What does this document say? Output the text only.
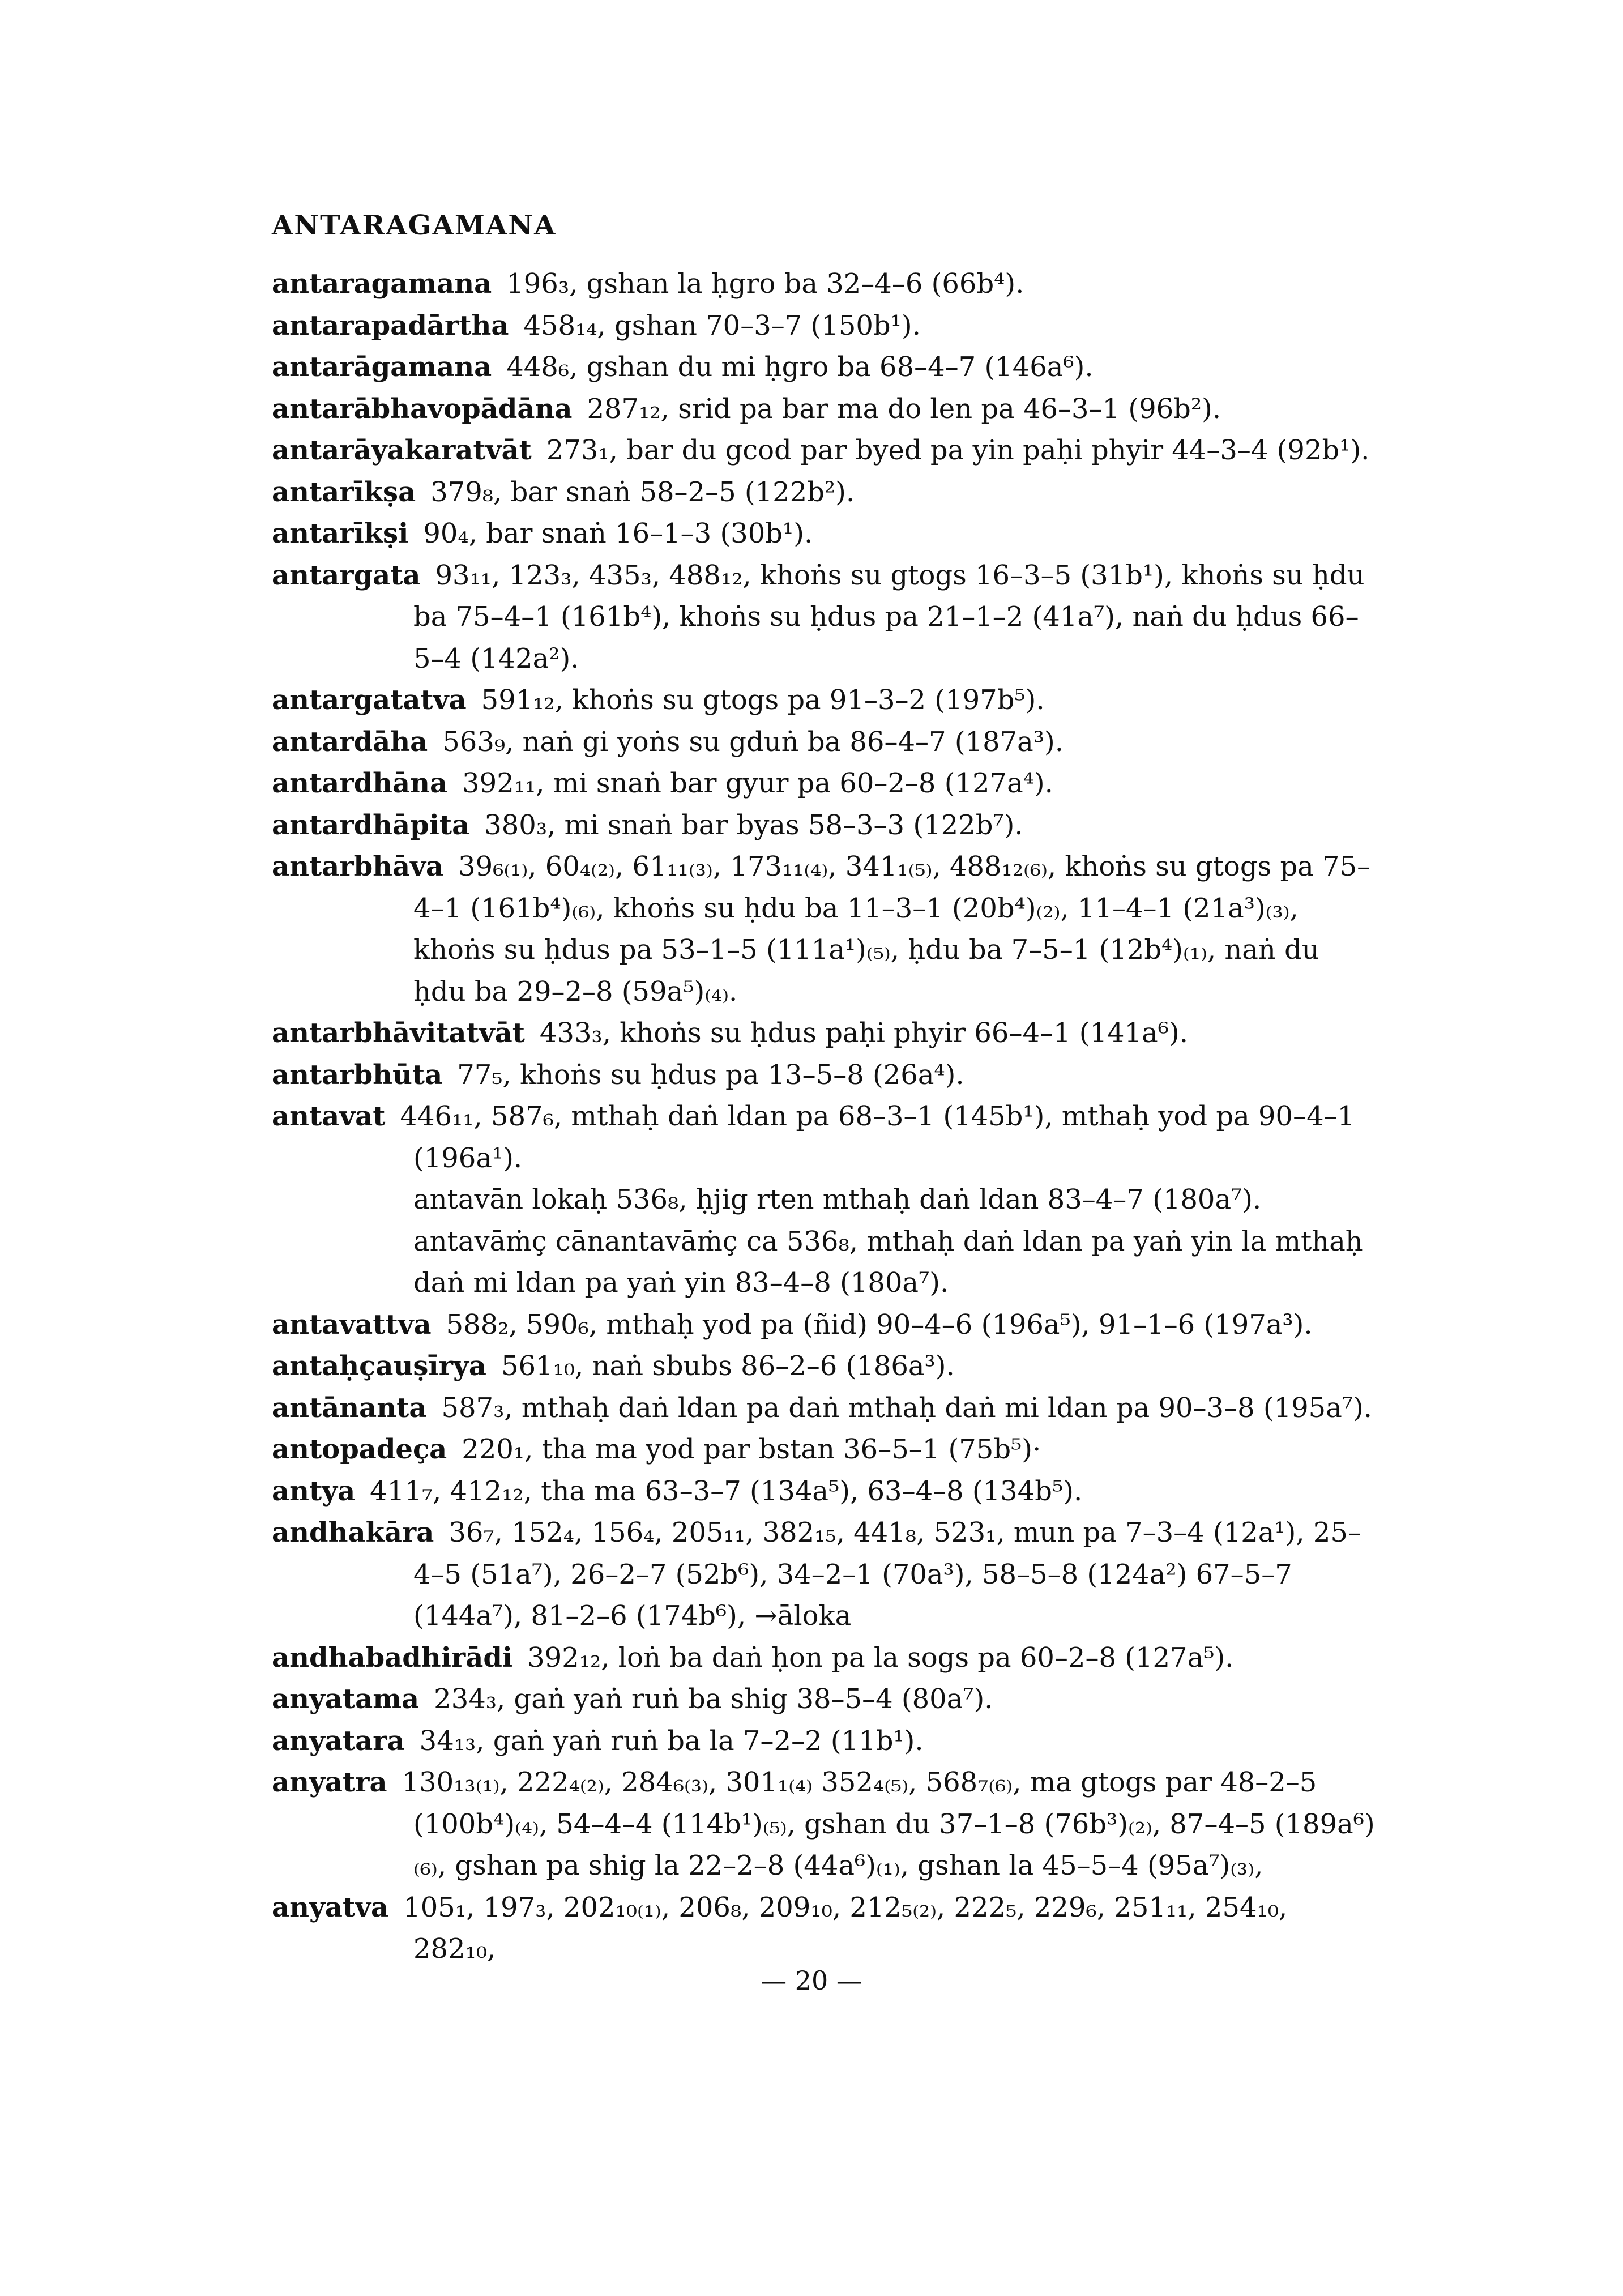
ANTARAGAMANA
antaragamana 196₃, gshan la ḥgro ba 32–4–6 (66b⁴).
antarapadārtha 458₁₄, gshan 70–3–7 (150b¹).
antarāgamana 448₆, gshan du mi ḥgro ba 68–4–7 (146a⁶).
antarābhavopādāna 287₁₂, srid pa bar ma do len pa 46–3–1 (96b²).
antarāyakaratvāt 273₁, bar du gcod par byed pa yin paḥi phyir 44–3–4 (92b¹).
antarīkṣa 379₈, bar snaṅ 58–2–5 (122b²).
antarīkṣi 90₄, bar snaṅ 16–1–3 (30b¹).
antargata 93₁₁, 123₃, 435₃, 488₁₂, khoṅs su gtogs 16–3–5 (31b¹), khoṅs su ḥdu ba 75–4–1 (161b⁴), khoṅs su ḥdus pa 21–1–2 (41a⁷), naṅ du ḥdus 66–5–4 (142a²).
antargatatva 591₁₂, khoṅs su gtogs pa 91–3–2 (197b⁵).
antardāha 563₉, naṅ gi yoṅs su gduṅ ba 86–4–7 (187a³).
antardhāna 392₁₁, mi snaṅ bar gyur pa 60–2–8 (127a⁴).
antardhāpita 380₃, mi snaṅ bar byas 58–3–3 (122b⁷).
antarbhāva 39₆₍₁₎, 60₄₍₂₎, 61₁₁₍₃₎, 173₁₁₍₄₎, 341₁₍₅₎, 488₁₂₍₆₎, khoṅs su gtogs pa 75–4–1 (161b⁴)₍₆₎, khoṅs su ḥdu ba 11–3–1 (20b⁴)₍₂₎, 11–4–1 (21a³)₍₃₎, khoṅs su ḥdus pa 53–1–5 (111a¹)₍₅₎, ḥdu ba 7–5–1 (12b⁴)₍₁₎, naṅ du ḥdu ba 29–2–8 (59a⁵)₍₄₎.
antarbhāvitatvāt 433₃, khoṅs su ḥdus paḥi phyir 66–4–1 (141a⁶).
antarbhūta 77₅, khoṅs su ḥdus pa 13–5–8 (26a⁴).
antavat 446₁₁, 587₆, mthaḥ daṅ ldan pa 68–3–1 (145b¹), mthaḥ yod pa 90–4–1 (196a¹).
antavān lokaḥ 536₈, ḥjig rten mthaḥ daṅ ldan 83–4–7 (180a⁷).
antavāṁç cānantavāṁç ca 536₈, mthaḥ daṅ ldan pa yaṅ yin la mthaḥ daṅ mi ldan pa yaṅ yin 83–4–8 (180a⁷).
antavattva 588₂, 590₆, mthaḥ yod pa (ñid) 90–4–6 (196a⁵), 91–1–6 (197a³).
antaḥçauṣīrya 561₁₀, naṅ sbubs 86–2–6 (186a³).
antānanta 587₃, mthaḥ daṅ ldan pa daṅ mthaḥ daṅ mi ldan pa 90–3–8 (195a⁷).
antopadeça 220₁, tha ma yod par bstan 36–5–1 (75b⁵)·
antya 411₇, 412₁₂, tha ma 63–3–7 (134a⁵), 63–4–8 (134b⁵).
andhakāra 36₇, 152₄, 156₄, 205₁₁, 382₁₅, 441₈, 523₁, mun pa 7–3–4 (12a¹), 25–4–5 (51a⁷), 26–2–7 (52b⁶), 34–2–1 (70a³), 58–5–8 (124a²) 67–5–7 (144a⁷), 81–2–6 (174b⁶), →āloka
andhabadhirādi 392₁₂, loṅ ba daṅ ḥon pa la sogs pa 60–2–8 (127a⁵).
anyatama 234₃, gaṅ yaṅ ruṅ ba shig 38–5–4 (80a⁷).
anyatara 34₁₃, gaṅ yaṅ ruṅ ba la 7–2–2 (11b¹).
anyatra 130₁₃₍₁₎, 222₄₍₂₎, 284₆₍₃₎, 301₁₍₄₎ 352₄₍₅₎, 568₇₍₆₎, ma gtogs par 48–2–5 (100b⁴)₍₄₎, 54–4–4 (114b¹)₍₅₎, gshan du 37–1–8 (76b³)₍₂₎, 87–4–5 (189a⁶)₍₆₎, gshan pa shig la 22–2–8 (44a⁶)₍₁₎, gshan la 45–5–4 (95a⁷)₍₃₎,
anyatva 105₁, 197₃, 202₁₀₍₁₎, 206₈, 209₁₀, 212₅₍₂₎, 222₅, 229₆, 251₁₁, 254₁₀, 282₁₀,
— 20 —
